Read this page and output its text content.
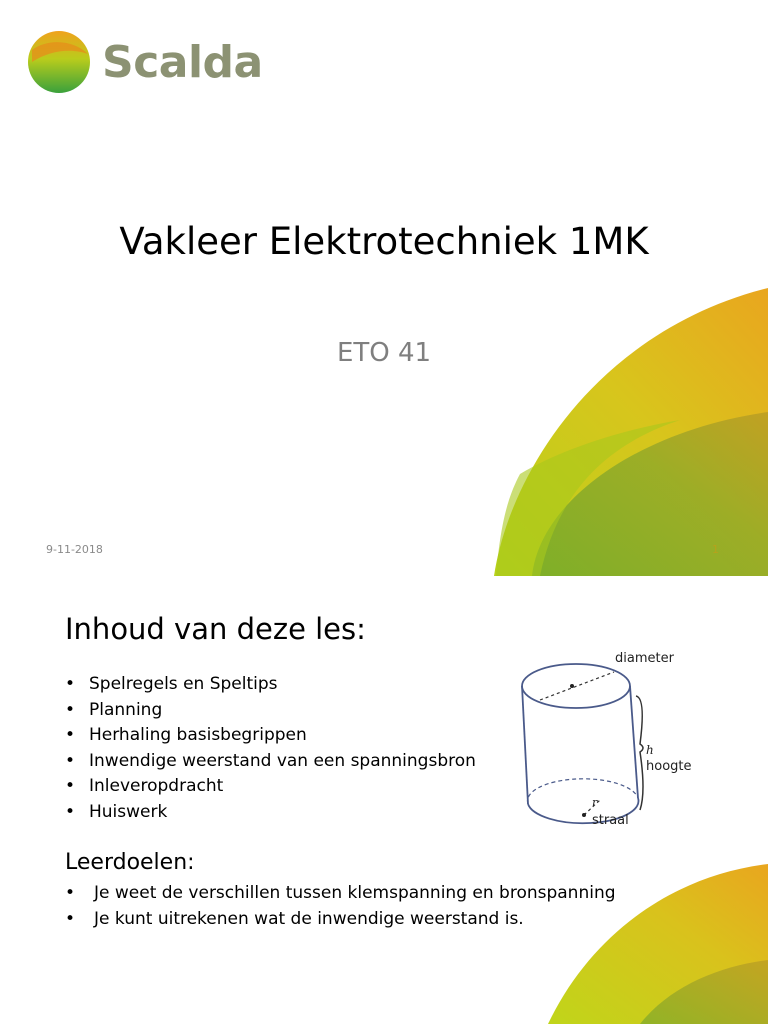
Scalda
Vakleer Elektrotechniek 1MK
ETO 41
9-11-2018	1
Inhoud van deze les:
• Spelregels en Speltips
• Planning
• Herhaling basisbegrippen
• Inwendige weerstand van een spanningsbron
• Inleveropdracht
• Huiswerk
Leerdoelen:
• Je weet de verschillen tussen klemspanning en bronspanning
• Je kunt uitrekenen wat de inwendige weerstand is.
diameter
h
hoogte
r
straal
